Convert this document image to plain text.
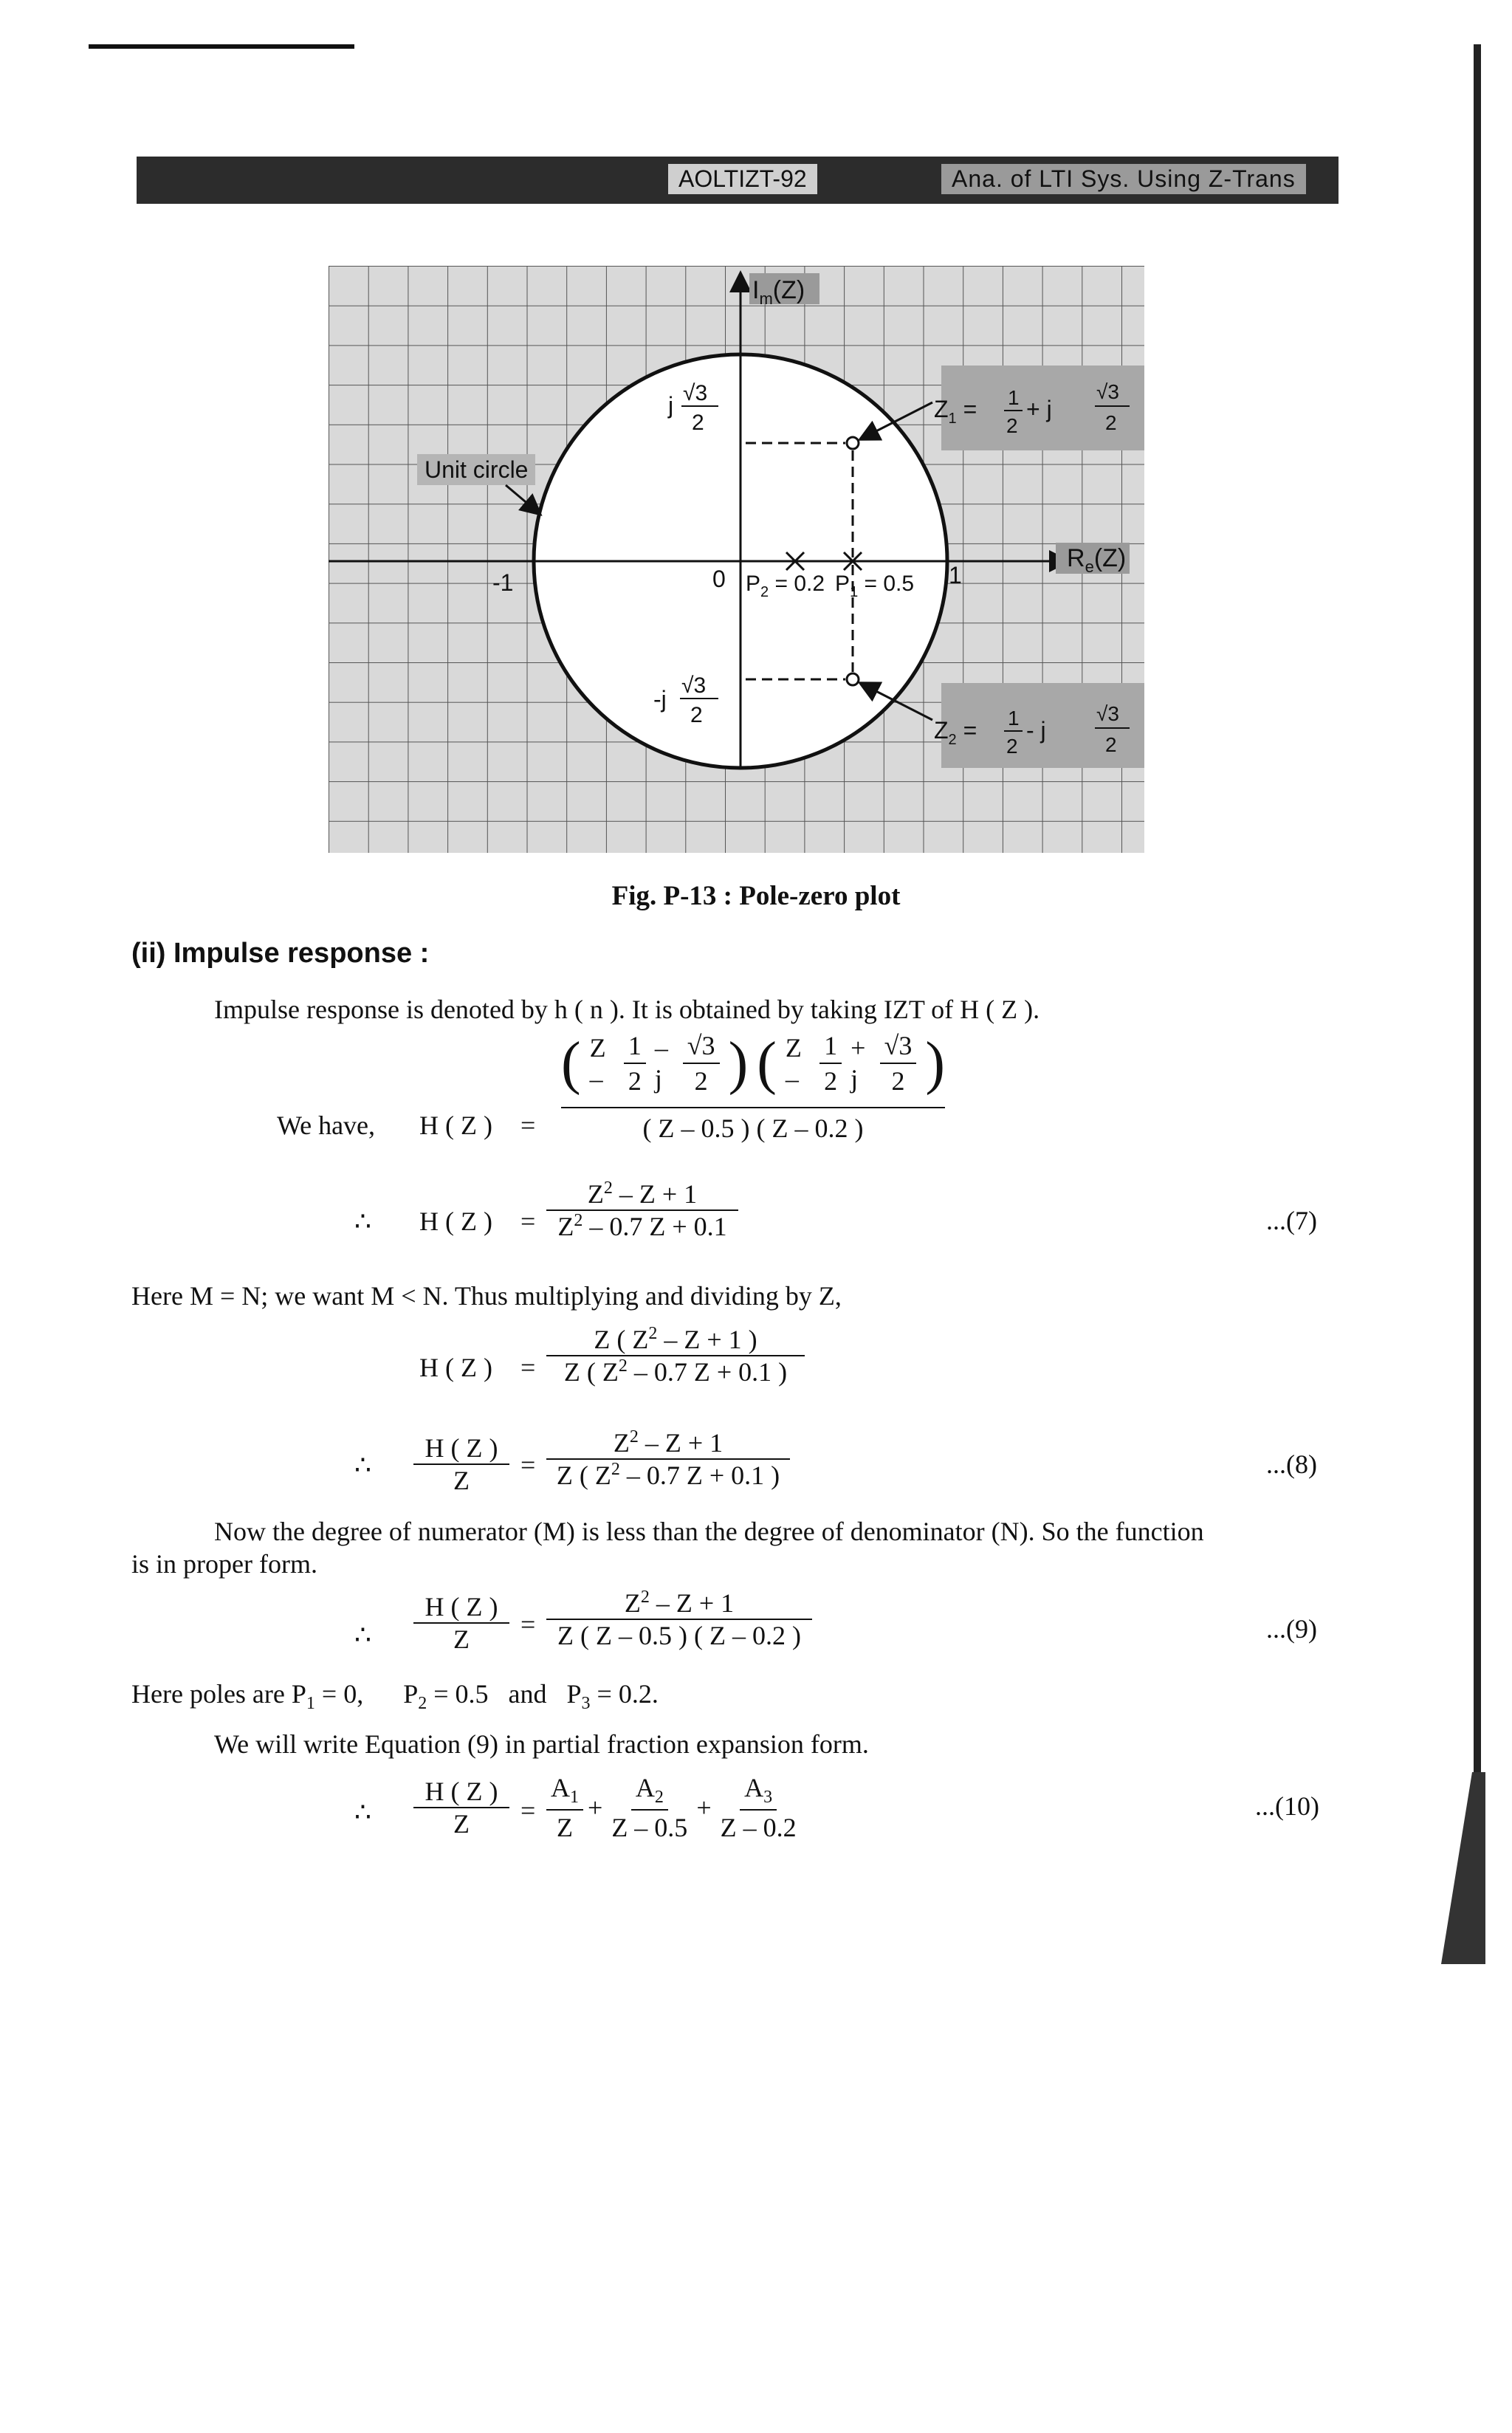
AOLTIZT-92	Ana. of LTI Sys. Using Z-Trans
$I_m(Z)$
$R_e(Z)$
Unit circle
-1	1
0
j √3
2
-j
√3
2
$P_2 = 0.2$ $P_1 = 0.5$
$Z_1 = 1$
2
+ j
√3
2
$Z_2 = 1$
2
- j
√3
2
Fig. P-13 : Pole-zero plot
(ii) Impulse response :
Impulse response is denoted by h ( n ). It is obtained by taking IZT of H ( Z ).
We have, H ( Z ) =
( Z – $\frac{1}{2}$ – j $\frac{√3}{2}$ ) ( $Z - \frac{1}{2} + j \frac{√3}{2}$ )
( Z – 0.5 ) ( Z – 0.2 )
∴ H ( Z ) =
$Z^2 - Z + 1$
$Z^2 - 0.7$ Z + 0.1	...(7)
Here M = N; we want M < N. Thus multiplying and dividing by Z,
H ( Z ) =
Z ( $Z^2 - Z + 1$ )
Z ( $Z^2 - 0.7$ Z + 0.1 )
∴
H ( Z )
Z
=
$Z^2 - Z + 1$
Z ( $Z^2 - 0.7$ Z + 0.1 )	...(8)
Now the degree of numerator (M) is less than the degree of denominator (N). So the function
is in proper form.
∴
H ( Z )
Z	=
$Z^2 - Z + 1$
Z ( Z – 0.5 ) ( Z – 0.2 )	...(9)
Here poles are $P_1 = 0$,      $P_2 = 0.5$   and   $P_3 = 0.2$.
We will write Equation (9) in partial fraction expansion form.
∴
H ( Z )
Z	= $\frac{A_1}{Z} + \frac{A_2}{Z - 0.5} + \frac{A_3}{Z - 0.2}$	...(10)
